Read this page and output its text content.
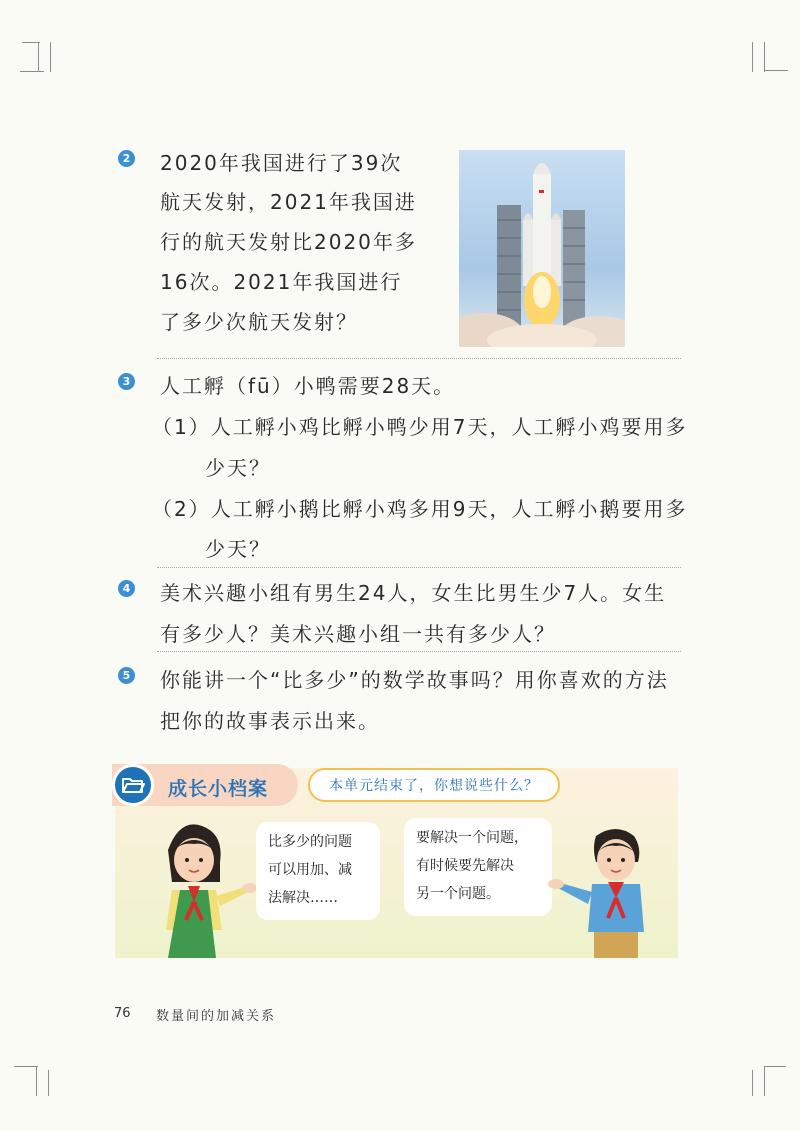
2 2020年我国进行了39次
航天发射，2021年我国进
行的航天发射比2020年多
16次。2021年我国进行
了多少次航天发射？
3 人工孵（fū）小鸭需要28天。
（1）人工孵小鸡比孵小鸭少用7天，人工孵小鸡要用多
少天？
（2）人工孵小鹅比孵小鸡多用9天，人工孵小鹅要用多
少天？
4 美术兴趣小组有男生24人，女生比男生少7人。女生
有多少人？美术兴趣小组一共有多少人？
5 你能讲一个“比多少”的数学故事吗？用你喜欢的方法
把你的故事表示出来。
成长小档案	本单元结束了，你想说些什么？
比多少的问题
可以用加、减
法解决……
要解决一个问题，
有时候要先解决
另一个问题。
76 数量间的加减关系
